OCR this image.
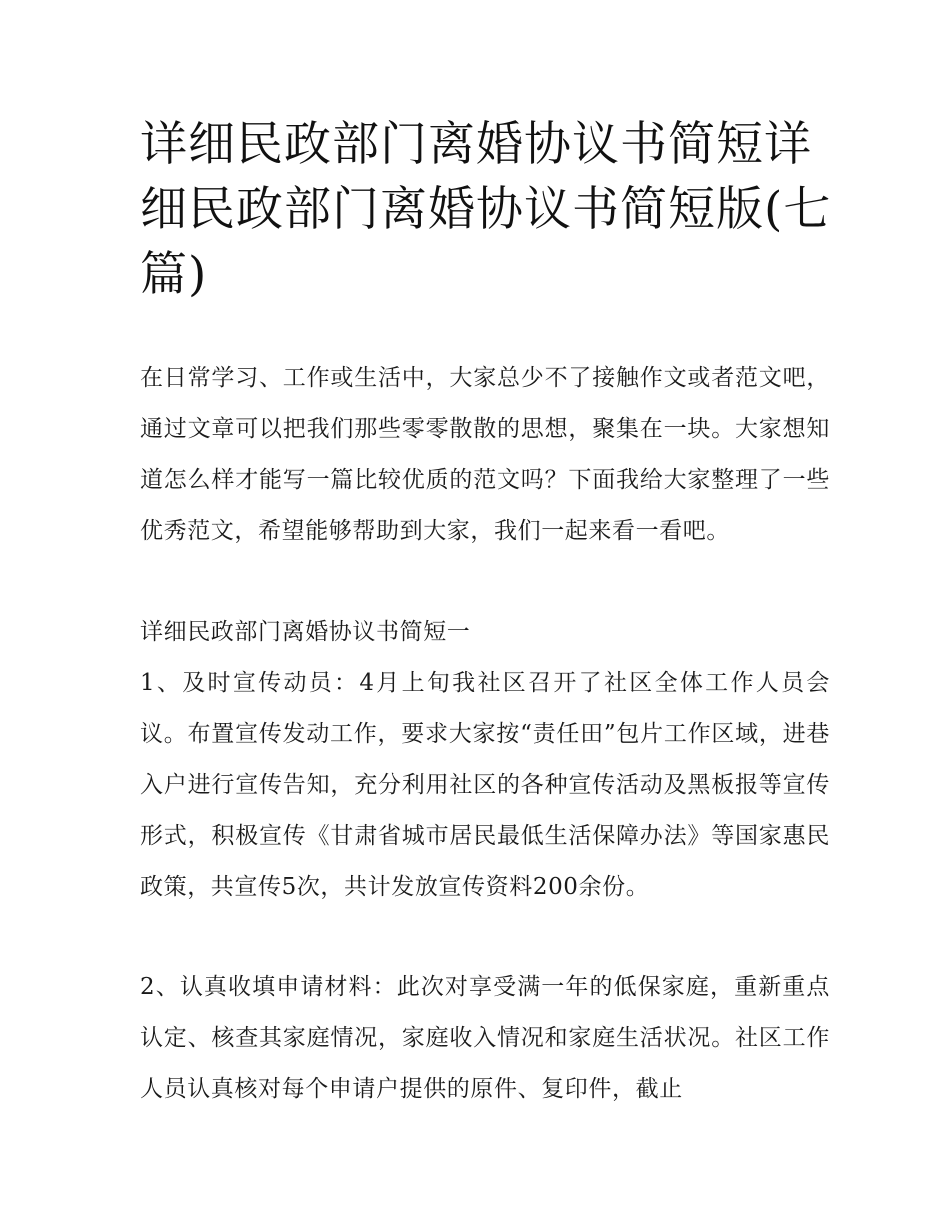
详细民政部门离婚协议书简短详细民政部门离婚协议书简短版(七篇)

在日常学习、工作或生活中，大家总少不了接触作文或者范文吧，通过文章可以把我们那些零零散散的思想，聚集在一块。大家想知道怎么样才能写一篇比较优质的范文吗？下面我给大家整理了一些优秀范文，希望能够帮助到大家，我们一起来看一看吧。

详细民政部门离婚协议书简短一

1、及时宣传动员：4月上旬我社区召开了社区全体工作人员会议。布置宣传发动工作，要求大家按“责任田”包片工作区域，进巷入户进行宣传告知，充分利用社区的各种宣传活动及黑板报等宣传形式，积极宣传《甘肃省城市居民最低生活保障办法》等国家惠民政策，共宣传5次，共计发放宣传资料200余份。

2、认真收填申请材料：此次对享受满一年的低保家庭，重新重点认定、核查其家庭情况，家庭收入情况和家庭生活状况。社区工作人员认真核对每个申请户提供的原件、复印件，截止
